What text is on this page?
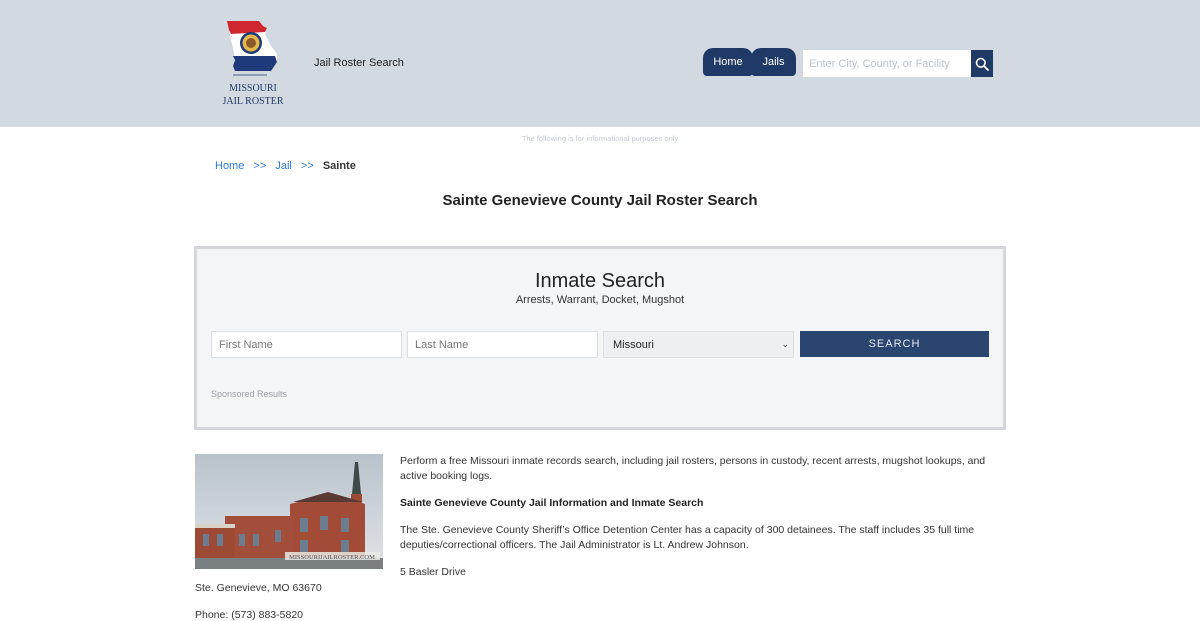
MISSOURI
JAIL ROSTER
Jail Roster Search	Home	Jails
Enter City, County, or Facility
The following is for informational purposes only
Home >> Jail >> Sainte
Sainte Genevieve County Jail Roster Search
Inmate Search
Arrests, Warrant, Docket, Mugshot
First Name
Last Name
Missouri	⌄	SEARCH
Sponsored Results
MISSOURIJAILROSTER.COM

Perform a free Missouri inmate records search, including jail rosters, persons in custody, recent arrests, mugshot lookups, and active booking logs.

Sainte Genevieve County Jail Information and Inmate Search

The Ste. Genevieve County Sheriff’s Office Detention Center has a capacity of 300 detainees. The staff includes 35 full time deputies/correctional officers. The Jail Administrator is Lt. Andrew Johnson.

5 Basler Drive

Ste. Genevieve, MO 63670
Phone: (573) 883-5820
